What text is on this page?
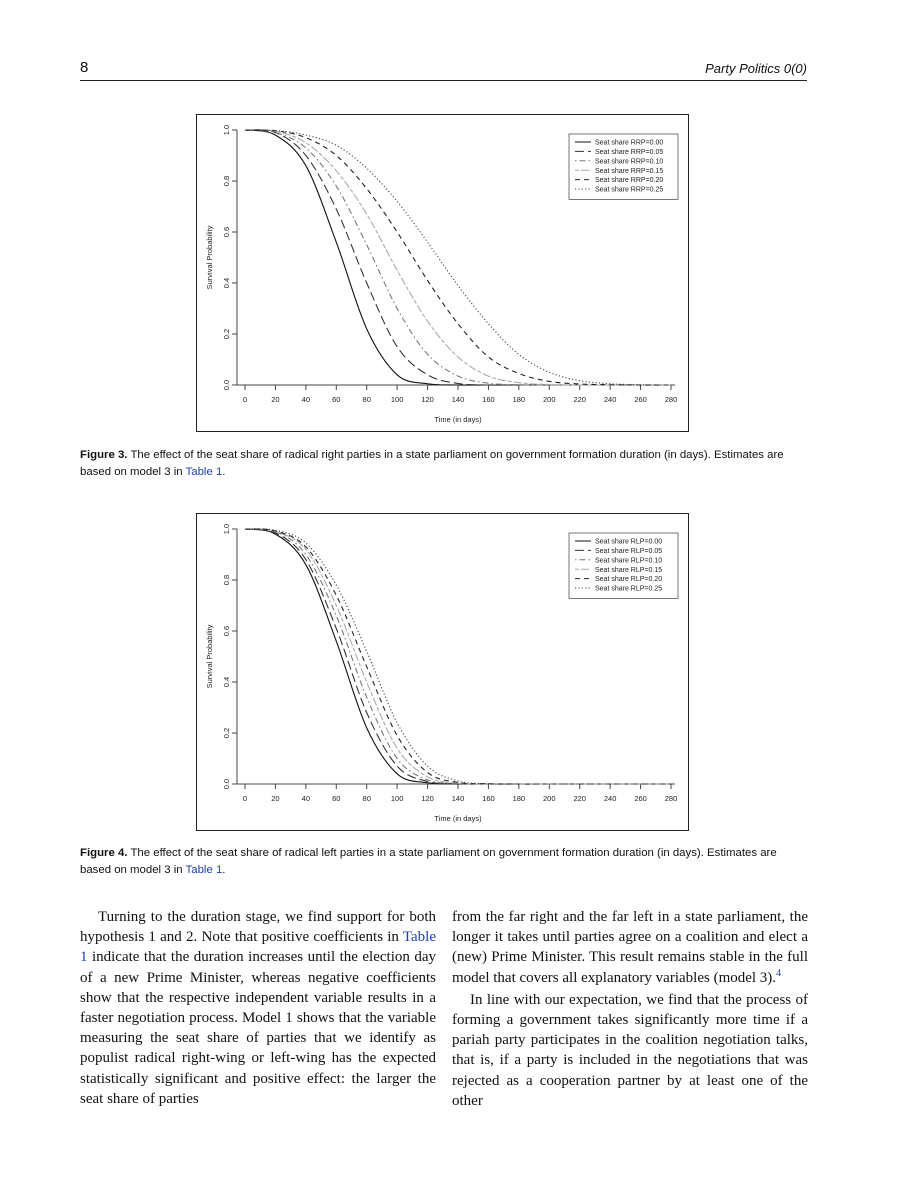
8	Party Politics 0(0)
0	20	40	60	80	100 120 140 160 180 200 220 240 260 280
0.0
0.2
0.4
0.6
0.8
1.0
Time (in days)
Survival Probability
Seat share RRP=0.00
Seat share RRP=0.05
Seat share RRP=0.10
Seat share RRP=0.15
Seat share RRP=0.20
Seat share RRP=0.25
Figure 3. The effect of the seat share of radical right parties in a state parliament on government formation duration (in days). Estimates are based on model 3 in Table 1.
0	20	40	60	80	100 120 140 160 180 200 220 240 260 280
0.0
0.2
0.4
0.6
0.8
1.0
Time (in days)
Survival Probability
Seat share RLP=0.00
Seat share RLP=0.05
Seat share RLP=0.10
Seat share RLP=0.15
Seat share RLP=0.20
Seat share RLP=0.25
Figure 4. The effect of the seat share of radical left parties in a state parliament on government formation duration (in days). Estimates are based on model 3 in Table 1.

Turning to the duration stage, we find support for both hypothesis 1 and 2. Note that positive coefficients in Table 1 indicate that the duration increases until the election day of a new Prime Minister, whereas negative coefficients show that the respective independent variable results in a faster negotiation process. Model 1 shows that the variable measuring the seat share of parties that we identify as populist radical right-wing or left-wing has the expected statistically significant and positive effect: the larger the seat share of parties

from the far right and the far left in a state parliament, the longer it takes until parties agree on a coalition and elect a (new) Prime Minister. This result remains stable in the full model that covers all explanatory variables (model 3).$^4$

In line with our expectation, we find that the process of forming a government takes significantly more time if a pariah party participates in the coalition negotiation talks, that is, if a party is included in the negotiations that was rejected as a cooperation partner by at least one of the other
